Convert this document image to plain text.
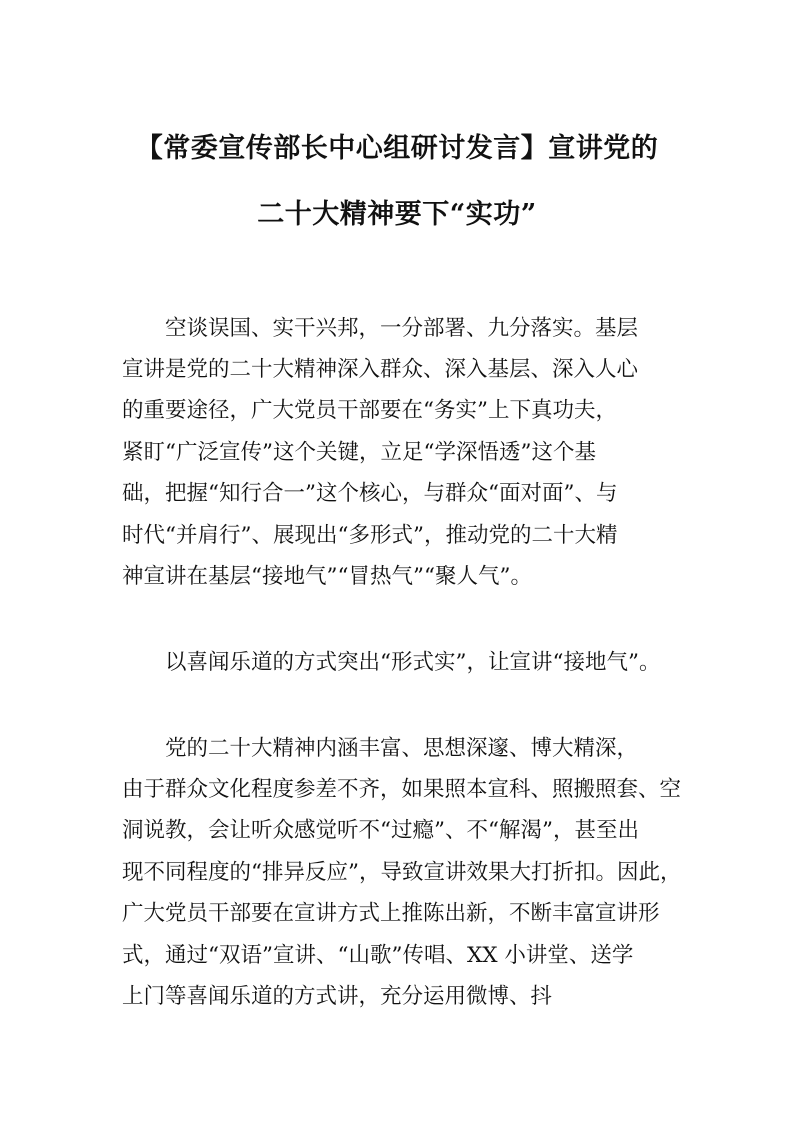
【常委宣传部长中心组研讨发言】宣讲党的
二十大精神要下“实功”
空谈误国、实干兴邦，一分部署、九分落实。基层
宣讲是党的二十大精神深入群众、深入基层、深入人心
的重要途径，广大党员干部要在“务实”上下真功夫，
紧盯“广泛宣传”这个关键，立足“学深悟透”这个基
础，把握“知行合一”这个核心，与群众“面对面”、与
时代“并肩行”、展现出“多形式”，推动党的二十大精
神宣讲在基层“接地气”“冒热气”“聚人气”。
以喜闻乐道的方式突出“形式实”，让宣讲“接地气”。
党的二十大精神内涵丰富、思想深邃、博大精深，
由于群众文化程度参差不齐，如果照本宣科、照搬照套、空
洞说教，会让听众感觉听不“过瘾”、不“解渴”，甚至出
现不同程度的“排异反应”，导致宣讲效果大打折扣。因此，
广大党员干部要在宣讲方式上推陈出新，不断丰富宣讲形
式，通过“双语”宣讲、“山歌”传唱、XX 小讲堂、送学
上门等喜闻乐道的方式讲，充分运用微博、抖
